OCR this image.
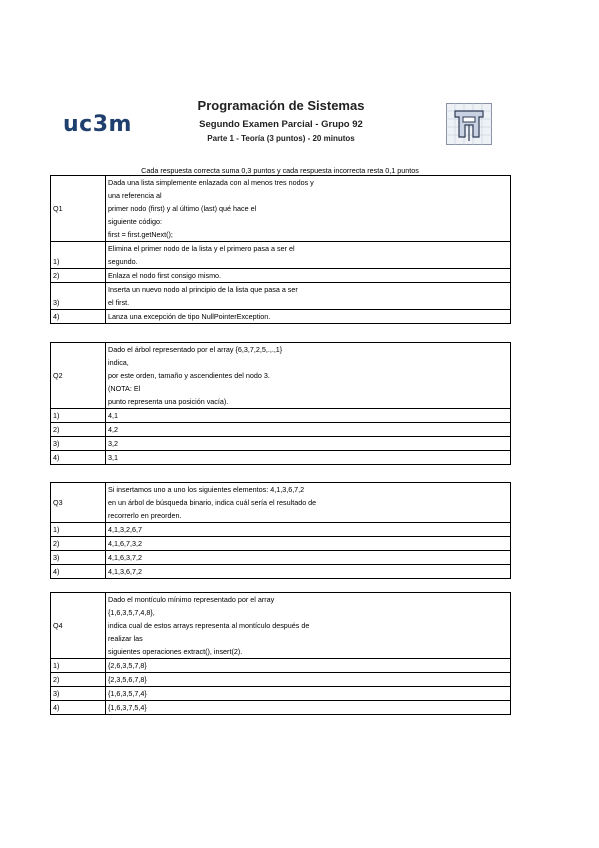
uc3m
Programación de Sistemas
Segundo Examen Parcial - Grupo 92
Parte 1 - Teoría (3 puntos) - 20 minutos
Cada respuesta correcta suma 0,3 puntos y cada respuesta incorrecta resta 0,1 puntos
Q1	Dada una lista simplemente enlazada con al menos tres nodos y
una referencia al
primer nodo (first) y al último (last) qué hace el
siguiente código:
first = first.getNext();

1)	Elimina el primer nodo de la lista y el primero pasa a ser el
segundo.

2)	Enlaza el nodo first consigo mismo.

3)	Inserta un nuevo nodo al principio de la lista que pasa a ser
el first.

4)	Lanza una excepción de tipo NullPointerException.
Q2	Dado el árbol representado por el array {6,3,7,2,5,.,.,1}
indica,
por este orden, tamaño y ascendientes del nodo 3.
(NOTA: El
punto representa una posición vacía).

1)	4,1

2)	4,2

3)	3,2

4)	3,1
Q3	Si insertamos uno a uno los siguientes elementos: 4,1,3,6,7,2
en un árbol de búsqueda binario, indica cuál sería el resultado de
recorrerlo en preorden.

1)	4,1,3,2,6,7

2)	4,1,6,7,3,2

3)	4,1,6,3,7,2

4)	4,1,3,6,7,2
Q4	Dado el montículo mínimo representado por el array
{1,6,3,5,7,4,8},
indica cual de estos arrays representa al montículo después de
realizar las
siguientes operaciones extract(), insert(2).

1)	{2,6,3,5,7,8}

2)	{2,3,5,6,7,8}

3)	{1,6,3,5,7,4}

4)	{1,6,3,7,5,4}
